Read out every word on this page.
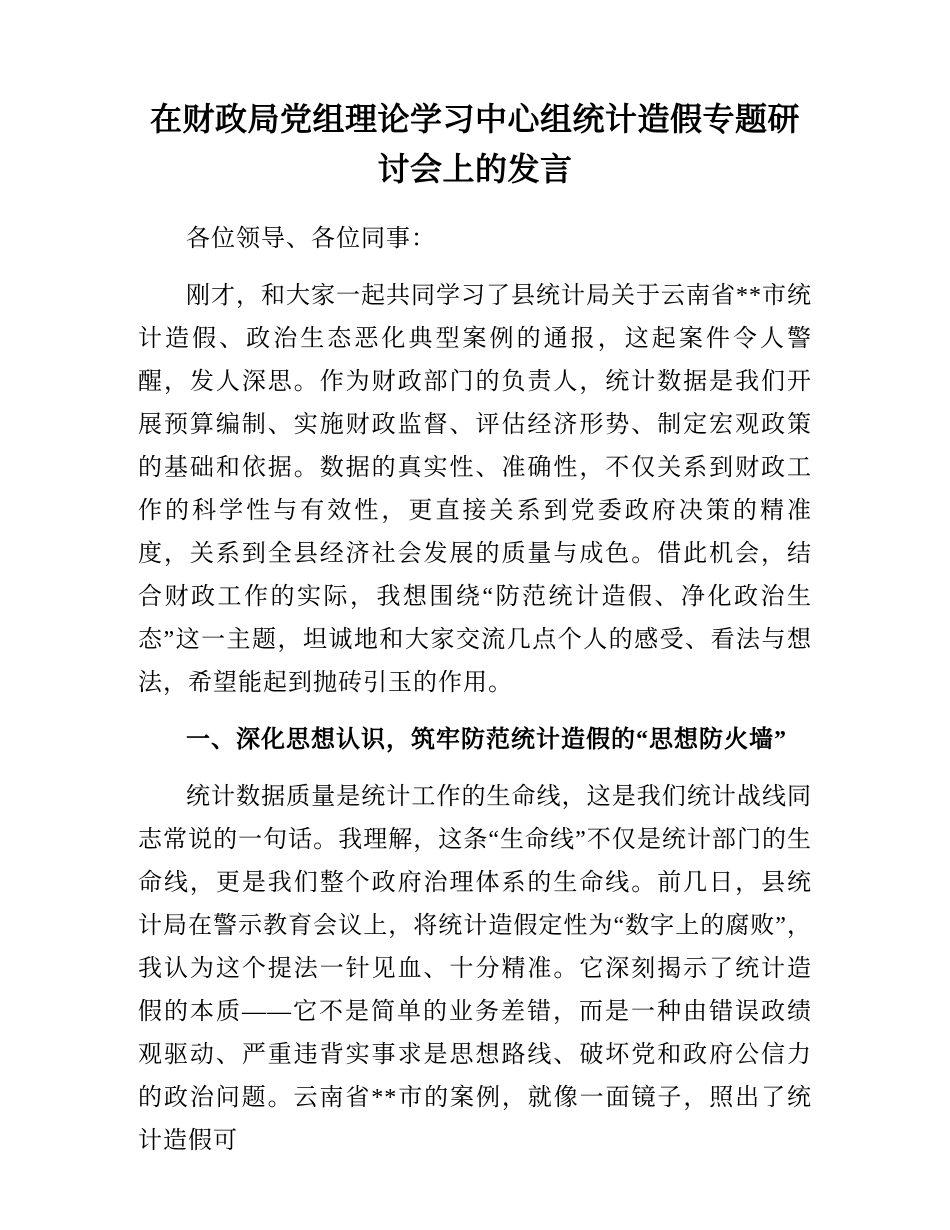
在财政局党组理论学习中心组统计造假专题研讨会上的发言

各位领导、各位同事：

刚才，和大家一起共同学习了县统计局关于云南省**市统计造假、政治生态恶化典型案例的通报，这起案件令人警醒，发人深思。作为财政部门的负责人，统计数据是我们开展预算编制、实施财政监督、评估经济形势、制定宏观政策的基础和依据。数据的真实性、准确性，不仅关系到财政工作的科学性与有效性，更直接关系到党委政府决策的精准度，关系到全县经济社会发展的质量与成色。借此机会，结合财政工作的实际，我想围绕“防范统计造假、净化政治生态”这一主题，坦诚地和大家交流几点个人的感受、看法与想法，希望能起到抛砖引玉的作用。

一、深化思想认识，筑牢防范统计造假的“思想防火墙”

统计数据质量是统计工作的生命线，这是我们统计战线同志常说的一句话。我理解，这条“生命线”不仅是统计部门的生命线，更是我们整个政府治理体系的生命线。前几日，县统计局在警示教育会议上，将统计造假定性为“数字上的腐败”，我认为这个提法一针见血、十分精准。它深刻揭示了统计造假的本质——它不是简单的业务差错，而是一种由错误政绩观驱动、严重违背实事求是思想路线、破坏党和政府公信力的政治问题。云南省**市的案例，就像一面镜子，照出了统计造假可
